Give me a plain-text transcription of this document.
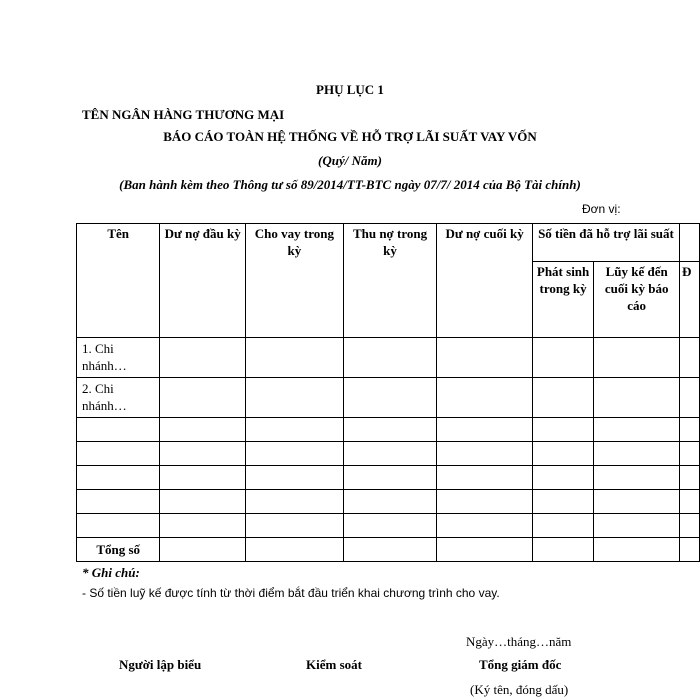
PHỤ LỤC 1
TÊN NGÂN HÀNG THƯƠNG MẠI
BÁO CÁO TOÀN HỆ THỐNG VỀ HỖ TRỢ LÃI SUẤT VAY VỐN
(Quý/ Năm)
(Ban hành kèm theo Thông tư số 89/2014/TT-BTC ngày 07/7/ 2014 của Bộ Tài chính)
Đơn vị:
Tên	Dư nợ đầu kỳ	Cho vay trong kỳ	Thu nợ trong kỳ	Dư nợ cuối kỳ	Số tiền đã hỗ trợ lãi suất		
					Phát sinh trong kỳ	Lũy kế đến cuối kỳ báo cáo	Đ
1. Chi nhánh…							
2. Chi nhánh…							

Tổng số							
* Ghi chú:
- Số tiền luỹ kế được tính từ thời điểm bắt đầu triển khai chương trình cho vay.
Ngày…tháng…năm
Người lập biểu	Kiểm soát	Tổng giám đốc
(Ký tên, đóng dấu)
